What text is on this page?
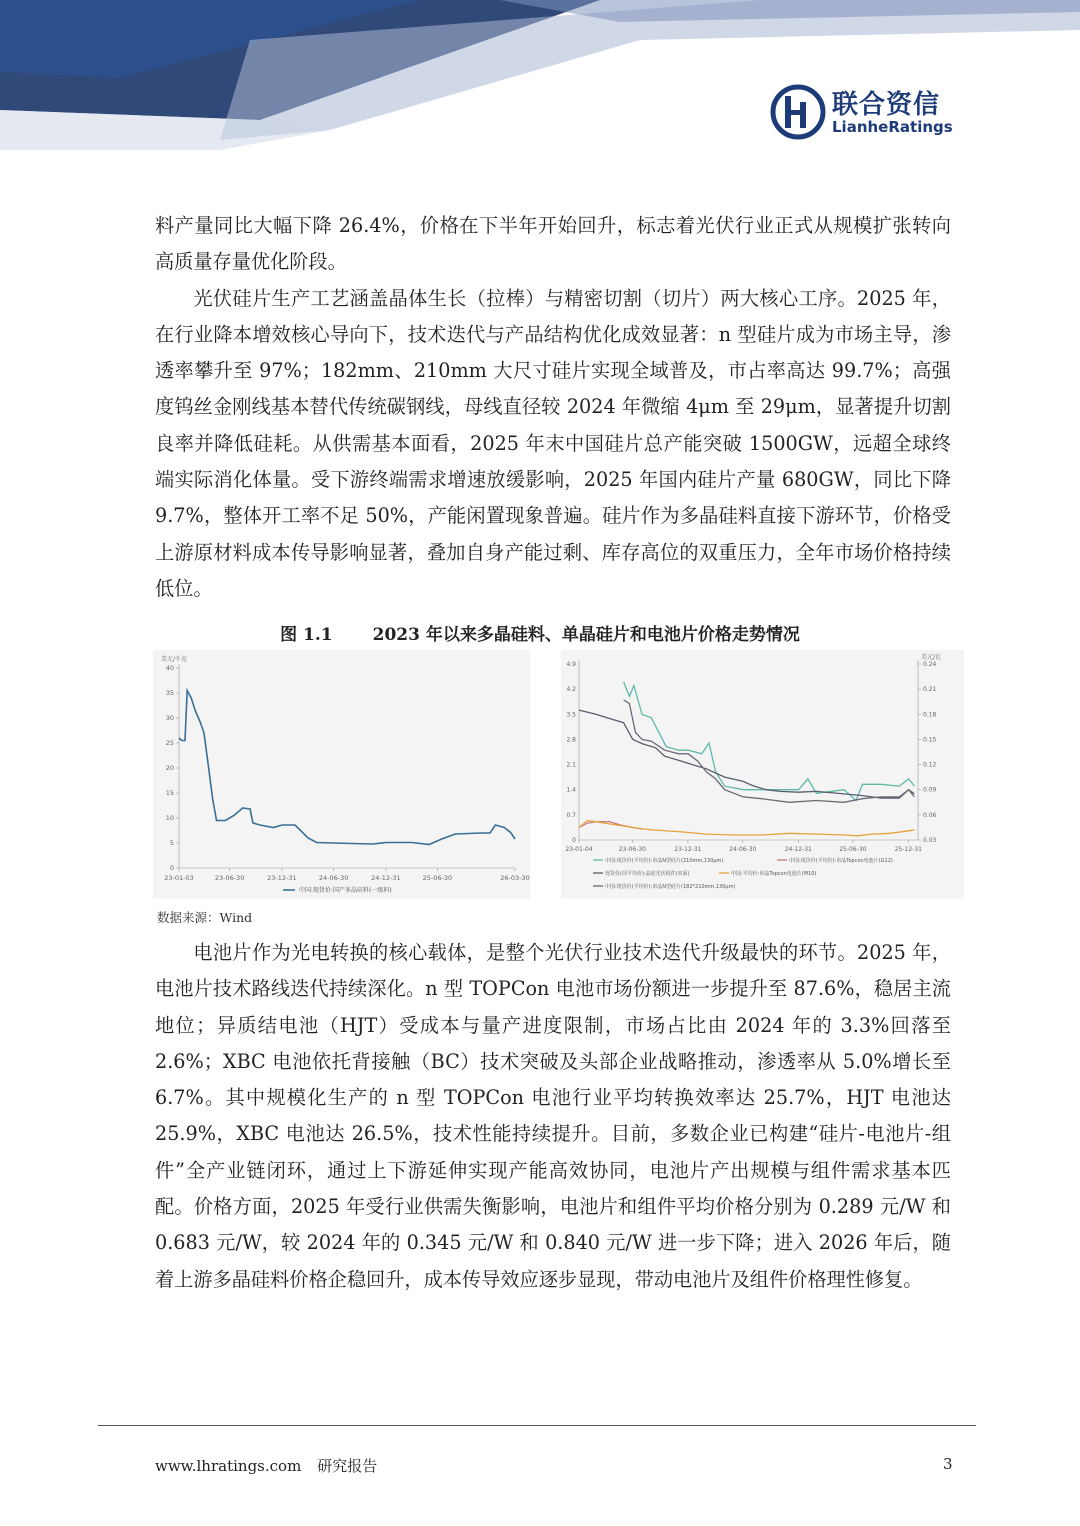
联合资信
LianheRatings

料产量同比大幅下降 26.4%，价格在下半年开始回升，标志着光伏行业正式从规模扩张转向高质量存量优化阶段。

光伏硅片生产工艺涵盖晶体生长（拉棒）与精密切割（切片）两大核心工序。2025 年，在行业降本增效核心导向下，技术迭代与产品结构优化成效显著：n 型硅片成为市场主导，渗透率攀升至 97%；182mm、210mm 大尺寸硅片实现全域普及，市占率高达 99.7%；高强度钨丝金刚线基本替代传统碳钢线，母线直径较 2024 年微缩 4μm 至 29μm，显著提升切割良率并降低硅耗。从供需基本面看，2025 年末中国硅片总产能突破 1500GW，远超全球终端实际消化体量。受下游终端需求增速放缓影响，2025 年国内硅片产量 680GW，同比下降 9.7%，整体开工率不足 50%，产能闲置现象普遍。硅片作为多晶硅料直接下游环节，价格受上游原材料成本传导影响显著，叠加自身产能过剩、库存高位的双重压力，全年市场价格持续低位。

图 1.1 2023 年以来多晶硅料、单晶硅片和电池片价格走势情况
美元/千克
0
5
10
15
20
25
30
35
40
23-01-03	23-06-30	23-12-31	24-06-30	24-12-31	25-06-30	26-03-30
中国:现货价:国产多晶硅料(一级料)
美元/瓦
0
0.7
1.4
2.1
2.8
3.5
4.2
4.9
0.03
0.06
0.09
0.12
0.15
0.18
0.21
0.24
23-01-04	23-06-30	23-12-31	24-06-30	24-12-31	25-06-30	25-12-31
中国:现货价(平均价):单晶N型硅片(210mm,130μm)	中国:现货价(平均价):单晶Topcon电池片(G12)
现货价(周平均价):晶硅光伏组件(双面)	中国:平均价:单晶Topcon电池片(M10)
中国:现货价(平均价):单晶N型硅片(182*210mm,130μm)
数据来源：Wind

电池片作为光电转换的核心载体，是整个光伏行业技术迭代升级最快的环节。2025 年，电池片技术路线迭代持续深化。n 型 TOPCon 电池市场份额进一步提升至 87.6%，稳居主流地位；异质结电池（HJT）受成本与量产进度限制，市场占比由 2024 年的 3.3%回落至 2.6%；XBC 电池依托背接触（BC）技术突破及头部企业战略推动，渗透率从 5.0%增长至 6.7%。其中规模化生产的 n 型 TOPCon 电池行业平均转换效率达 25.7%，HJT 电池达 25.9%，XBC 电池达 26.5%，技术性能持续提升。目前，多数企业已构建“硅片-电池片-组件”全产业链闭环，通过上下游延伸实现产能高效协同，电池片产出规模与组件需求基本匹配。价格方面，2025 年受行业供需失衡影响，电池片和组件平均价格分别为 0.289 元/W 和 0.683 元/W，较 2024 年的 0.345 元/W 和 0.840 元/W 进一步下降；进入 2026 年后，随着上游多晶硅料价格企稳回升，成本传导效应逐步显现，带动电池片及组件价格理性修复。

www.lhratings.com 研究报告	3
